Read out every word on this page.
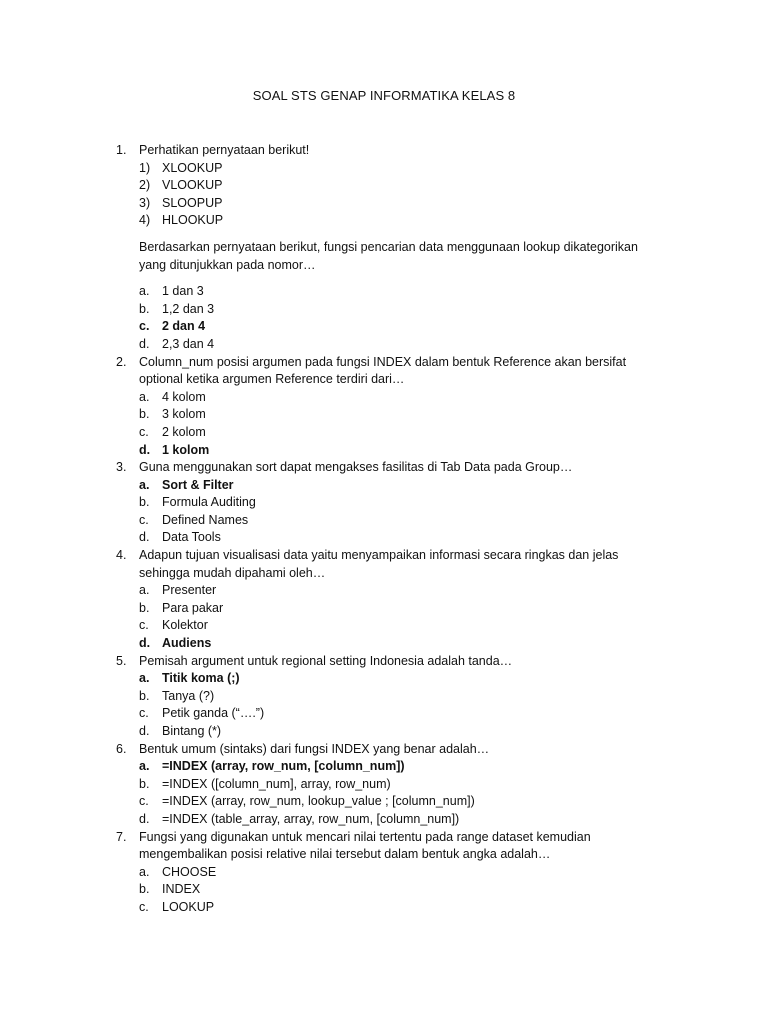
SOAL STS GENAP INFORMATIKA KELAS 8
1. Perhatikan pernyataan berikut!
1) XLOOKUP
2) VLOOKUP
3) SLOOPUP
4) HLOOKUP
Berdasarkan pernyataan berikut, fungsi pencarian data menggunaan lookup dikategorikan
yang ditunjukkan pada nomor…
a. 1 dan 3
b. 1,2 dan 3
c. 2 dan 4
d. 2,3 dan 4
2. Column_num posisi argumen pada fungsi INDEX dalam bentuk Reference akan bersifat
optional ketika argumen Reference terdiri dari…
a. 4 kolom
b. 3 kolom
c. 2 kolom
d. 1 kolom
3. Guna menggunakan sort dapat mengakses fasilitas di Tab Data pada Group…
a. Sort & Filter
b. Formula Auditing
c. Defined Names
d. Data Tools
4. Adapun tujuan visualisasi data yaitu menyampaikan informasi secara ringkas dan jelas
sehingga mudah dipahami oleh…
a. Presenter
b. Para pakar
c. Kolektor
d. Audiens
5. Pemisah argument untuk regional setting Indonesia adalah tanda…
a. Titik koma (;)
b. Tanya (?)
c. Petik ganda (“….”)
d. Bintang (*)
6. Bentuk umum (sintaks) dari fungsi INDEX yang benar adalah…
a. =INDEX (array, row_num, [column_num])
b. =INDEX ([column_num], array, row_num)
c. =INDEX (array, row_num, lookup_value ; [column_num])
d. =INDEX (table_array, array, row_num, [column_num])
7. Fungsi yang digunakan untuk mencari nilai tertentu pada range dataset kemudian
mengembalikan posisi relative nilai tersebut dalam bentuk angka adalah…
a. CHOOSE
b. INDEX
c. LOOKUP
